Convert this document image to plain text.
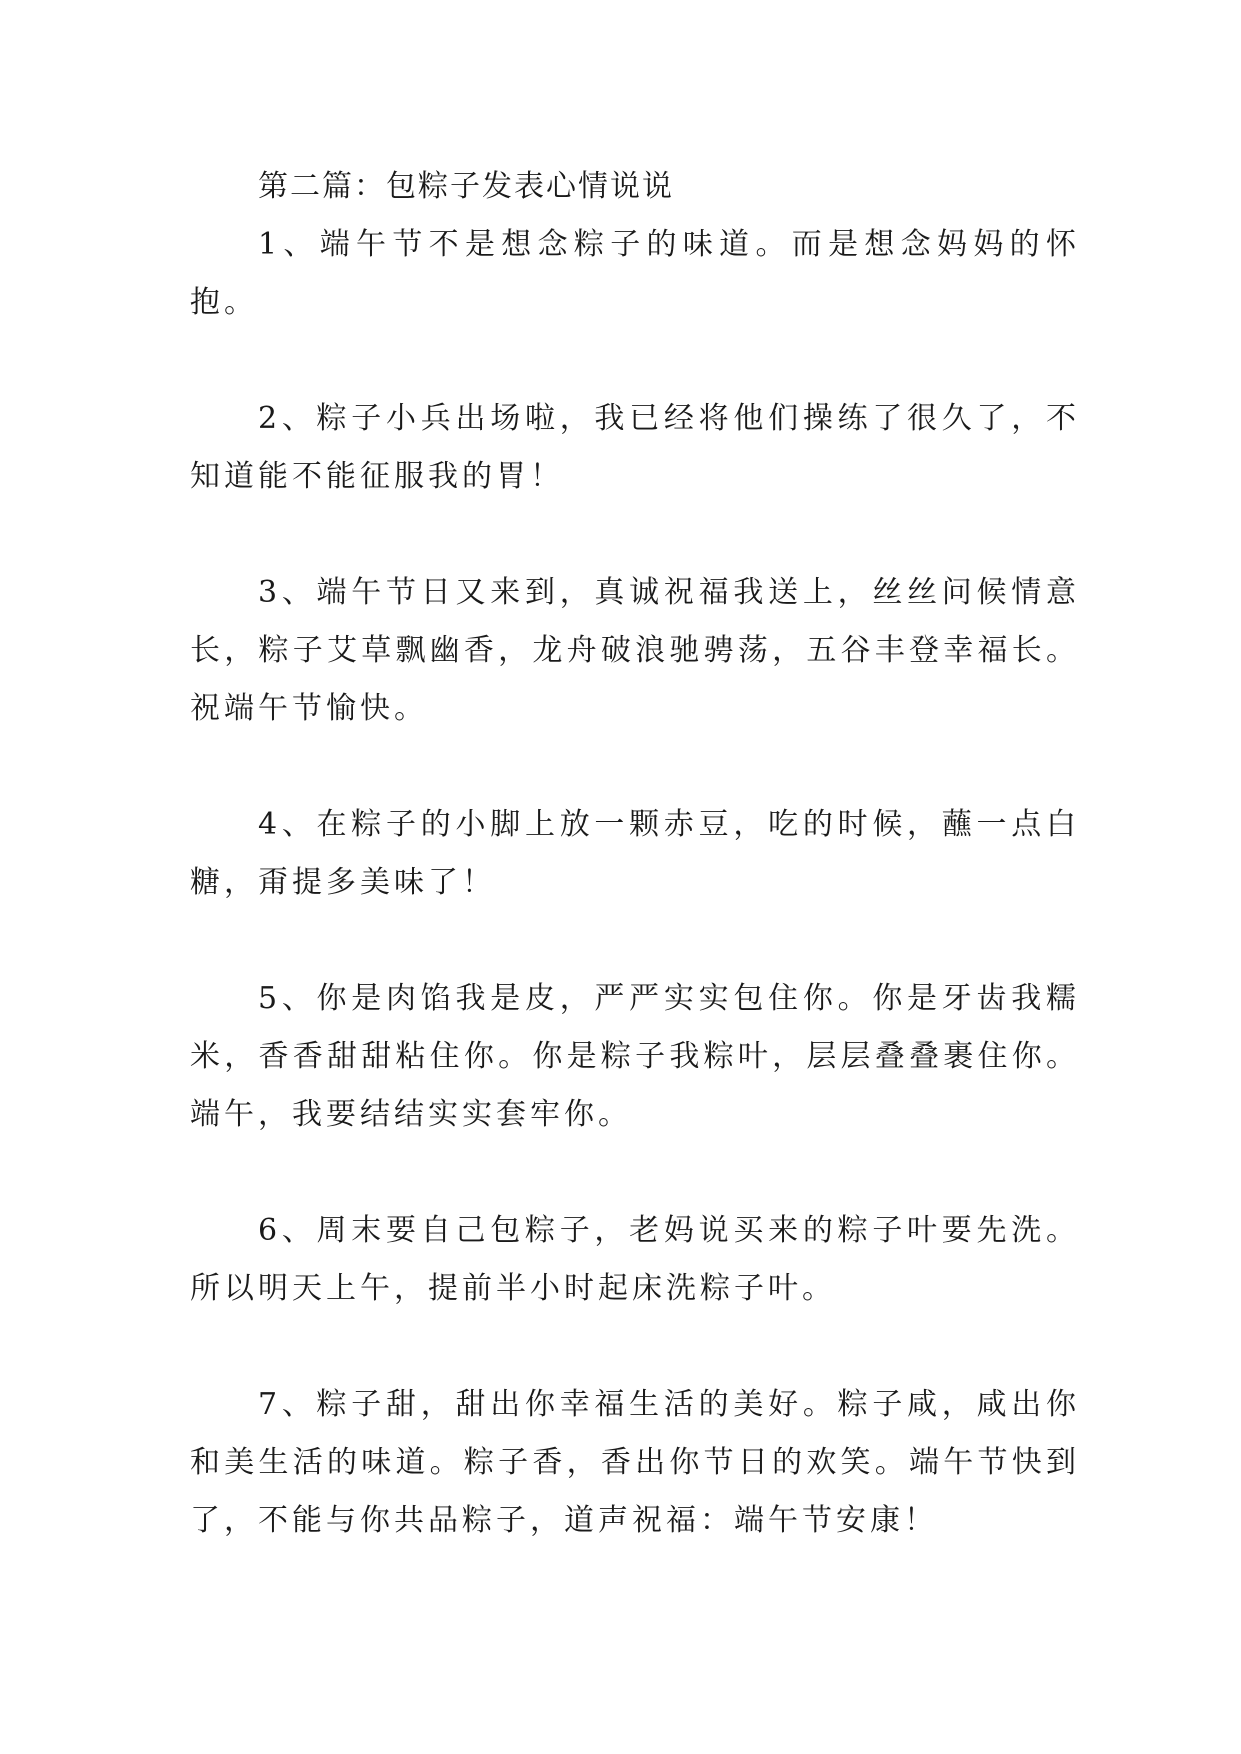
第二篇：包粽子发表心情说说

1、端午节不是想念粽子的味道。而是想念妈妈的怀抱。

2、粽子小兵出场啦，我已经将他们操练了很久了，不知道能不能征服我的胃！

3、端午节日又来到，真诚祝福我送上，丝丝问候情意长，粽子艾草飘幽香，龙舟破浪驰骋荡，五谷丰登幸福长。祝端午节愉快。

4、在粽子的小脚上放一颗赤豆，吃的时候，蘸一点白糖，甭提多美味了！

5、你是肉馅我是皮，严严实实包住你。你是牙齿我糯米，香香甜甜粘住你。你是粽子我粽叶，层层叠叠裹住你。端午，我要结结实实套牢你。

6、周末要自己包粽子，老妈说买来的粽子叶要先洗。所以明天上午，提前半小时起床洗粽子叶。

7、粽子甜，甜出你幸福生活的美好。粽子咸，咸出你和美生活的味道。粽子香，香出你节日的欢笑。端午节快到了，不能与你共品粽子，道声祝福：端午节安康！
